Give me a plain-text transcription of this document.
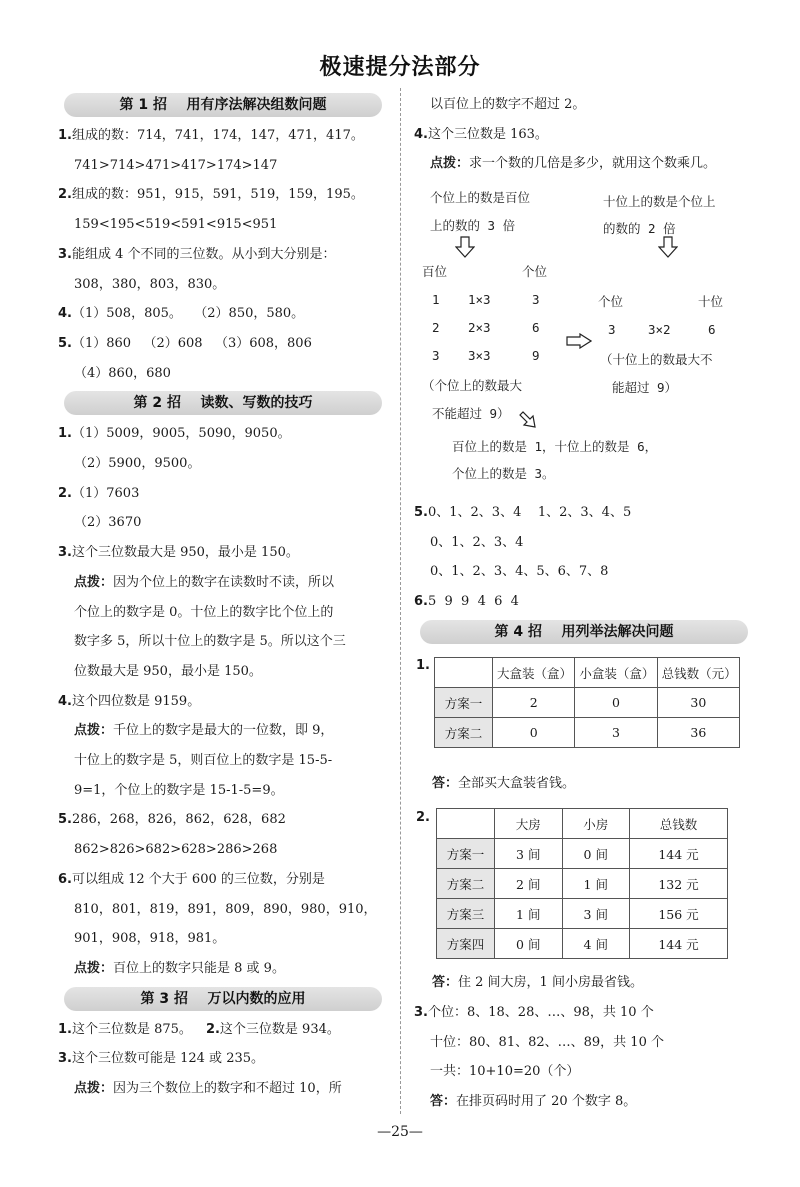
极速提分法部分
第 1 招    用有序法解决组数问题
1.组成的数：714，741，174，147，471，417。
741>714>471>417>174>147
2.组成的数：951，915，591，519，159，195。
159<195<519<591<915<951
3.能组成 4 个不同的三位数。从小到大分别是：
308，380，803，830。
4.（1）508，805。   （2）850，580。
5.（1）860   （2）608   （3）608，806
（4）860，680
第 2 招    读数、写数的技巧
1.（1）5009，9005，5090，9050。
（2）5900，9500。
2.（1）7603
（2）3670
3.这个三位数最大是 950，最小是 150。
点拨：因为个位上的数字在读数时不读，所以
个位上的数字是 0。十位上的数字比个位上的
数字多 5，所以十位上的数字是 5。所以这个三
位数最大是 950，最小是 150。
4.这个四位数是 9159。
点拨：千位上的数字是最大的一位数，即 9，
十位上的数字是 5，则百位上的数字是 15-5-
9=1，个位上的数字是 15-1-5=9。
5.286，268，826，862，628，682
862>826>682>628>286>268
6.可以组成 12 个大于 600 的三位数，分别是
810，801，819，891，809，890，980，910，
901，908，918，981。
点拨：百位上的数字只能是 8 或 9。
第 3 招    万以内数的应用
1.这个三位数是 875。 2.这个三位数是 934。
3.这个三位数可能是 124 或 235。
点拨：因为三个数位上的数字和不超过 10，所
以百位上的数字不超过 2。
4.这个三位数是 163。
点拨：求一个数的几倍是多少，就用这个数乘几。
个位上的数是百位
上的数的 3 倍
十位上的数是个位上
的数的 2 倍
百位	个位
1 1×3	3
2 2×3	6
3 3×3	9
个位	十位
3	3×2	6
（十位上的数最大不
能超过 9）
（个位上的数最大
不能超过 9）
百位上的数是 1，十位上的数是 6，
个位上的数是 3。
5.0、1、2、3、4    1、2、3、4、5
0、1、2、3、4
0、1、2、3、4、5、6、7、8
6.5  9  9  4  6  4
第 4 招    用列举法解决问题
1.
		大盒装（盒）	小盒装（盒）	总钱数（元）
方案一	2	0	30
方案二	0	3	36
答：全部买大盒装省钱。
2.
		大房	小房	总钱数
方案一	3 间	0 间	144 元
方案二	2 间	1 间	132 元
方案三	1 间	3 间	156 元
方案四	0 间	4 间	144 元
答：住 2 间大房，1 间小房最省钱。
3.个位：8、18、28、…、98，共 10 个
十位：80、81、82、…、89，共 10 个
一共：10+10=20（个）
答：在排页码时用了 20 个数字 8。
—25—
